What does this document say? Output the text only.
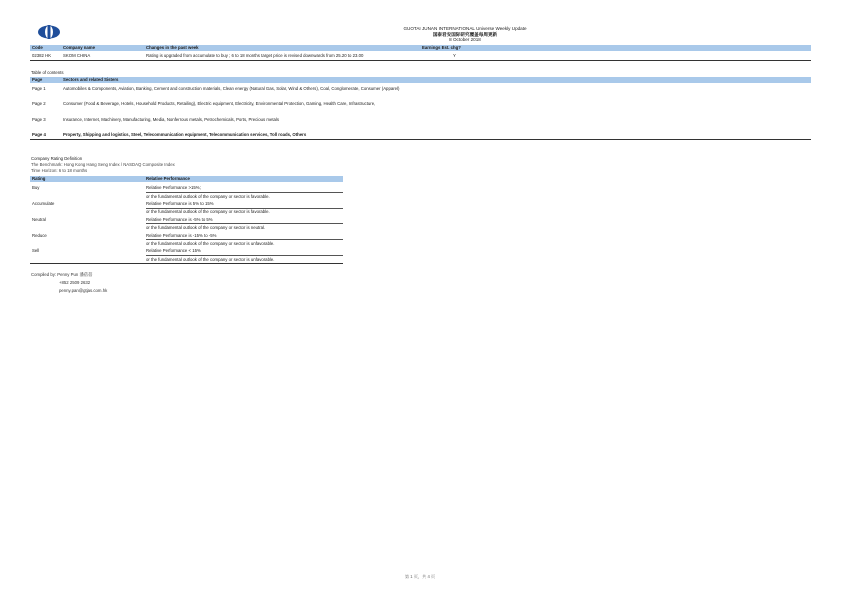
GUOTAI JUNAN INTERNATIONAL Universe Weekly Update
国泰君安国际研究覆盖每周更新
8 October 2018
Code	Company name	Changes in the past week	Earnings Est. chg?
02382 HK	SKOM CHINA	Rating is upgraded from accumulate to buy ; 6 to 18 months target price is revised downwards from 25.20 to 23.00	Y
Table of contents
Page	Sectors and related Sisters
Page 1	Automobiles & Components, Aviation, Banking, Cement and construction materials, Clean energy (Natural Gas, Solar, Wind & Others), Coal, Conglomerate, Consumer (Apparel)
Page 2	Consumer (Food & Beverage, Hotels, Household Products, Retailing), Electric equipment, Electricity, Environmental Protection, Gaming, Health Care, Infrastructure,
Page 3	Insurance, Internet, Machinery, Manufacturing, Media, Nonferrous metals, Petrochemicals, Ports, Precious metals
Page 4	Property, Shipping and logistics, Steel, Telecommunication equipment, Telecommunication services, Toll roads, Others
Company Rating Definition
The Benchmark: Hong Kong Hang Seng Index / NASDAQ Composite Index
Time Horizon: 6 to 18 months
Rating	Relative Performance
Buy	Relative Performance >15%;
or the fundamental outlook of the company or sector is favorable.
Accumulate	Relative Performance is 5% to 15%
or the fundamental outlook of the company or sector is favorable.
Neutral	Relative Performance is -5% to 5%
or the fundamental outlook of the company or sector is neutral.
Reduce	Relative Performance is -15% to -5%
or the fundamental outlook of the company or sector is unfavorable.
Sell	Relative Performance < 15%
or the fundamental outlook of the company or sector is unfavorable.
Compiled by: Penny Pun 潘蓓蓓
+852 2509 2632
penny.pan@gtjas.com.hk
第 1 页，共 4 页
